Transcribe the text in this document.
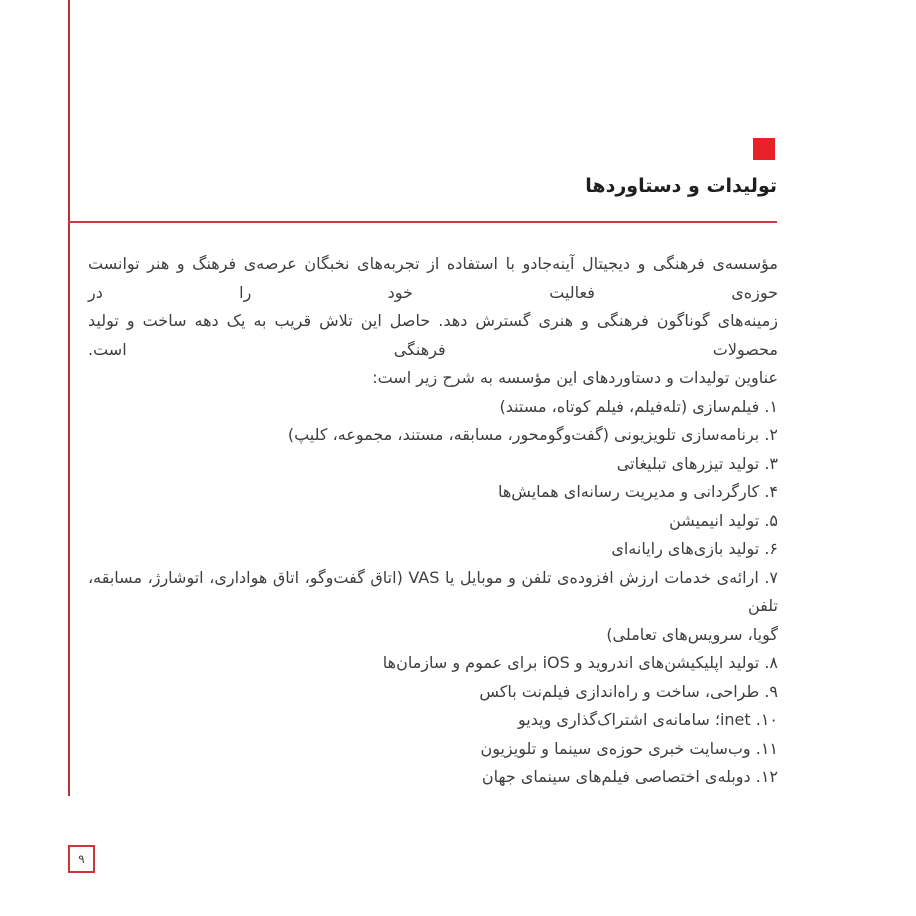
تولیدات و دستاوردها
مؤسسه‌ی فرهنگی و دیجیتال آینه‌جادو با استفاده از تجربه‌های نخبگان عرصه‌ی فرهنگ و هنر توانست حوزه‌ی فعالیت خود را در
زمینه‌های گوناگون فرهنگی و هنری گسترش دهد. حاصل این تلاش قریب به یک دهه ساخت و تولید محصولات فرهنگی است.
عناوین تولیدات و دستاوردهای این مؤسسه به شرح زیر است:
۱. فیلم‌سازی (تله‌فیلم، فیلم کوتاه، مستند)
۲. برنامه‌سازی تلویزیونی (گفت‌وگومحور، مسابقه، مستند، مجموعه، کلیپ)
۳. تولید تیزرهای تبلیغاتی
۴. کارگردانی و مدیریت رسانه‌ای همایش‌ها
۵. تولید انیمیشن
۶. تولید بازی‌های رایانه‌ای
۷. ارائه‌ی خدمات ارزش افزوده‌ی تلفن و موبایل یا VAS (اتاق گفت‌وگو، اتاق هواداری، اتوشارژ، مسابقه، تلفن
گویا، سرویس‌های تعاملی)
۸. تولید اپلیکیشن‌های اندروید و iOS برای عموم و سازمان‌ها
۹. طراحی، ساخت و راه‌اندازی فیلم‌نت باکس
۱۰. inet؛ سامانه‌ی اشتراک‌گذاری ویدیو
۱۱. وب‌سایت خبری حوزه‌ی سینما و تلویزیون
۱۲. دوبله‌ی اختصاصی فیلم‌های سینمای جهان
۹
